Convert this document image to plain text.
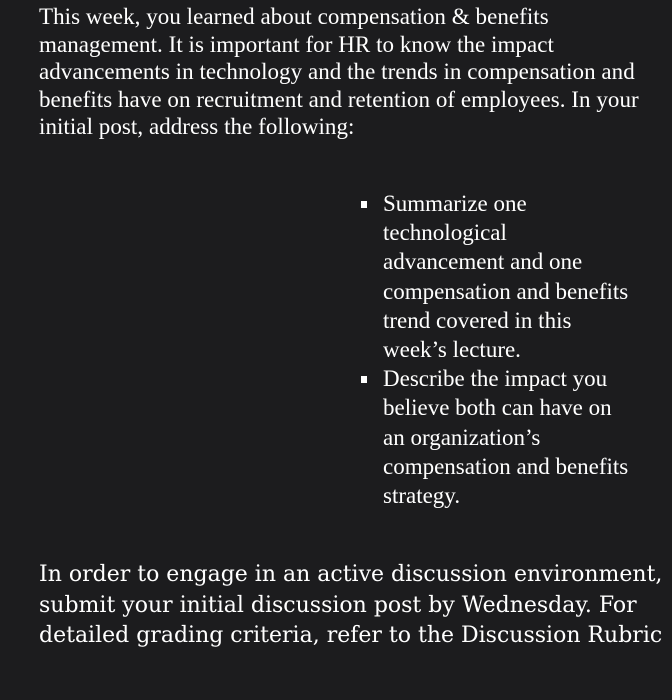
This week, you learned about compensation & benefits management. It is important for HR to know the impact advancements in technology and the trends in compensation and benefits have on recruitment and retention of employees. In your initial post, address the following:

Summarize one technological advancement and one compensation and benefits trend covered in this week’s lecture.
Describe the impact you believe both can have on an organization’s compensation and benefits strategy.

In order to engage in an active discussion environment, submit your initial discussion post by Wednesday. For detailed grading criteria, refer to the Discussion Rubric
